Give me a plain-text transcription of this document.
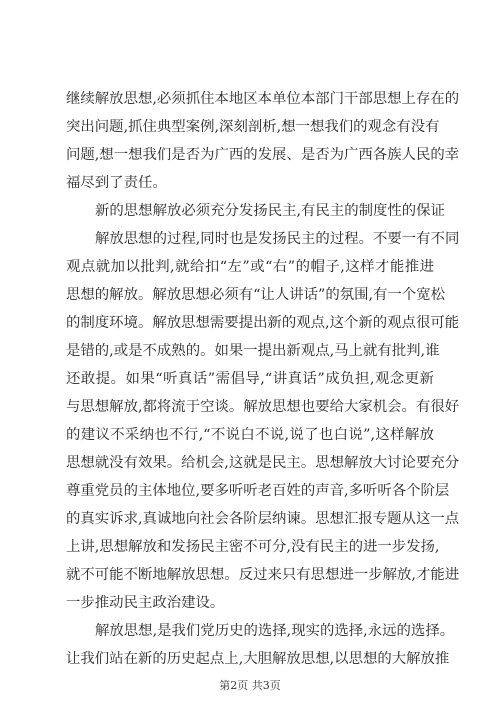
继续解放思想,必须抓住本地区本单位本部门干部思想上存在的
突出问题,抓住典型案例,深刻剖析,想一想我们的观念有没有
问题,想一想我们是否为广西的发展、是否为广西各族人民的幸
福尽到了责任。
新的思想解放必须充分发扬民主,有民主的制度性的保证
解放思想的过程,同时也是发扬民主的过程。不要一有不同
观点就加以批判,就给扣“左”或“右”的帽子,这样才能推进
思想的解放。解放思想必须有“让人讲话”的氛围,有一个宽松
的制度环境。解放思想需要提出新的观点,这个新的观点很可能
是错的,或是不成熟的。如果一提出新观点,马上就有批判,谁
还敢提。如果“听真话”需倡导,“讲真话”成负担,观念更新
与思想解放,都将流于空谈。解放思想也要给大家机会。有很好
的建议不采纳也不行,“不说白不说,说了也白说”,这样解放
思想就没有效果。给机会,这就是民主。思想解放大讨论要充分
尊重党员的主体地位,要多听听老百姓的声音,多听听各个阶层
的真实诉求,真诚地向社会各阶层纳谏。思想汇报专题从这一点
上讲,思想解放和发扬民主密不可分,没有民主的进一步发扬,
就不可能不断地解放思想。反过来只有思想进一步解放,才能进
一步推动民主政治建设。
解放思想,是我们党历史的选择,现实的选择,永远的选择。
让我们站在新的历史起点上,大胆解放思想,以思想的大解放推
第2页 共3页
